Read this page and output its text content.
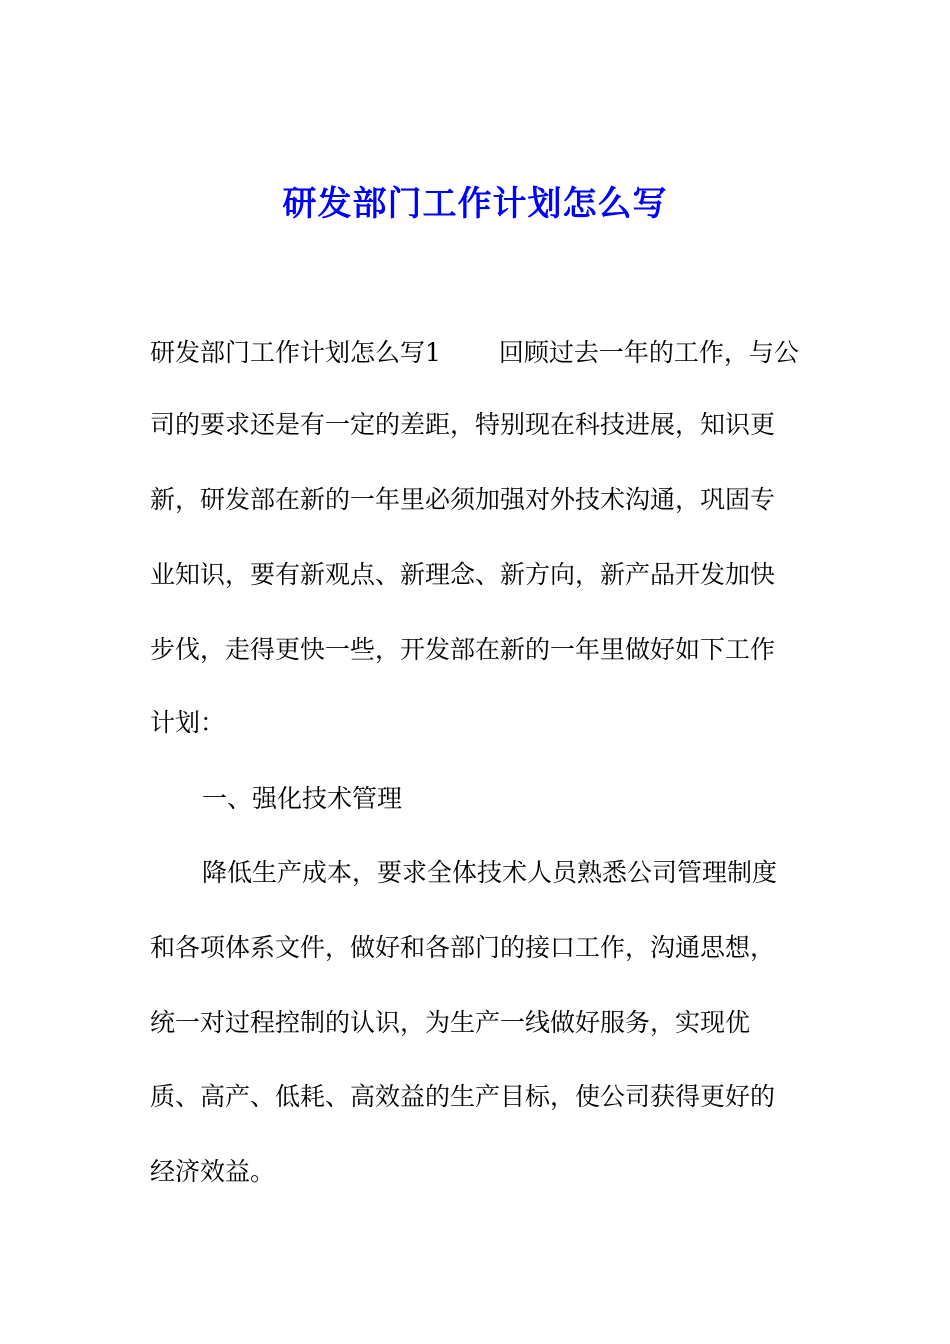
研发部门工作计划怎么写

研发部门工作计划怎么写1　　 回顾过去一年的工作，与公

司的要求还是有一定的差距，特别现在科技进展，知识更

新，研发部在新的一年里必须加强对外技术沟通，巩固专

业知识，要有新观点、新理念、新方向，新产品开发加快

步伐，走得更快一些，开发部在新的一年里做好如下工作

计划：

一、强化技术管理

降低生产成本，要求全体技术人员熟悉公司管理制度

和各项体系文件，做好和各部门的接口工作，沟通思想，

统一对过程控制的认识，为生产一线做好服务，实现优

质、高产、低耗、高效益的生产目标，使公司获得更好的

经济效益。
